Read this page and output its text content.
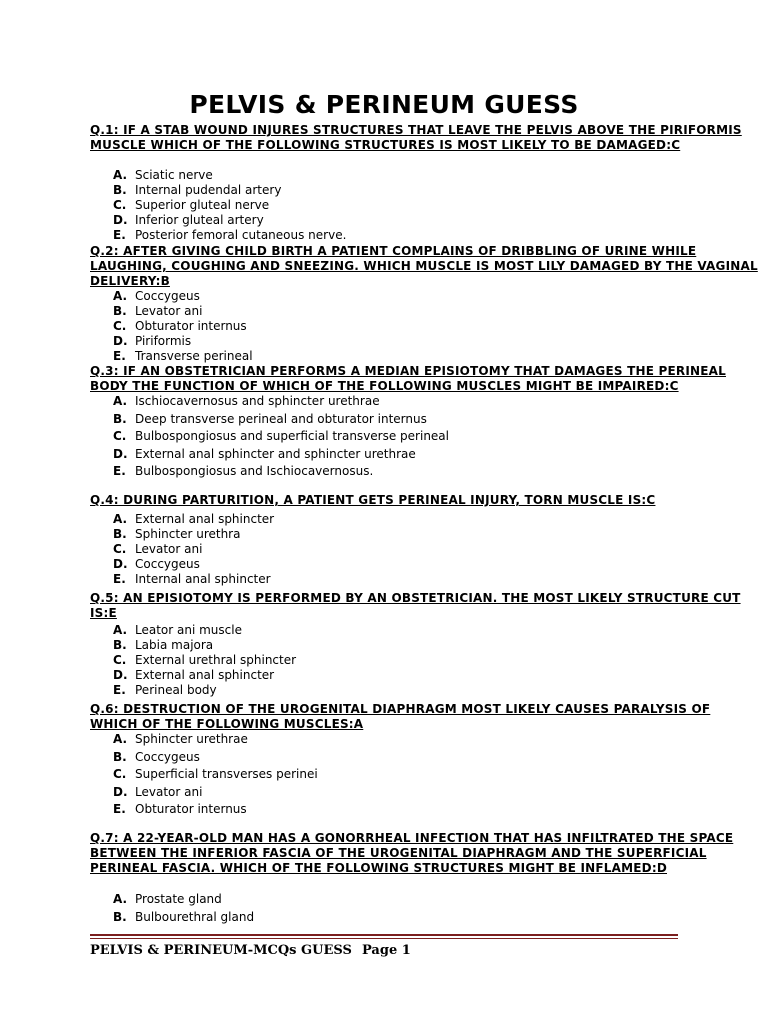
PELVIS & PERINEUM GUESS
Q.1: IF A STAB WOUND INJURES STRUCTURES THAT LEAVE THE PELVIS ABOVE THE PIRIFORMIS MUSCLE WHICH OF THE FOLLOWING STRUCTURES IS MOST LIKELY TO BE DAMAGED:C
A. Sciatic nerve
B. Internal pudendal artery
C. Superior gluteal nerve
D. Inferior gluteal artery
E. Posterior femoral cutaneous nerve.
Q.2: AFTER GIVING CHILD BIRTH A PATIENT COMPLAINS OF DRIBBLING OF URINE WHILE LAUGHING, COUGHING AND SNEEZING. WHICH MUSCLE IS MOST LILY DAMAGED BY THE VAGINAL DELIVERY:B
A. Coccygeus
B. Levator ani
C. Obturator internus
D. Piriformis
E. Transverse perineal
Q.3: IF AN OBSTETRICIAN PERFORMS A MEDIAN EPISIOTOMY THAT DAMAGES THE PERINEAL BODY THE FUNCTION OF WHICH OF THE FOLLOWING MUSCLES MIGHT BE IMPAIRED:C
A. Ischiocavernosus and sphincter urethrae
B. Deep transverse perineal and obturator internus
C. Bulbospongiosus and superficial transverse perineal
D. External anal sphincter and sphincter urethrae
E. Bulbospongiosus and Ischiocavernosus.
Q.4: DURING PARTURITION, A PATIENT GETS PERINEAL INJURY, TORN MUSCLE IS:C
A. External anal sphincter
B. Sphincter urethra
C. Levator ani
D. Coccygeus
E. Internal anal sphincter
Q.5: AN EPISIOTOMY IS PERFORMED BY AN OBSTETRICIAN. THE MOST LIKELY STRUCTURE CUT IS:E
A. Leator ani muscle
B. Labia majora
C. External urethral sphincter
D. External anal sphincter
E. Perineal body
Q.6: DESTRUCTION OF THE UROGENITAL DIAPHRAGM MOST LIKELY CAUSES PARALYSIS OF WHICH OF THE FOLLOWING MUSCLES:A
A. Sphincter urethrae
B. Coccygeus
C. Superficial transverses perinei
D. Levator ani
E. Obturator internus
Q.7: A 22-YEAR-OLD MAN HAS A GONORRHEAL INFECTION THAT HAS INFILTRATED THE SPACE BETWEEN THE INFERIOR FASCIA OF THE UROGENITAL DIAPHRAGM AND THE SUPERFICIAL PERINEAL FASCIA. WHICH OF THE FOLLOWING STRUCTURES MIGHT BE INFLAMED:D
A. Prostate gland
B. Bulbourethral gland
PELVIS & PERINEUM-MCQs GUESS Page 1
